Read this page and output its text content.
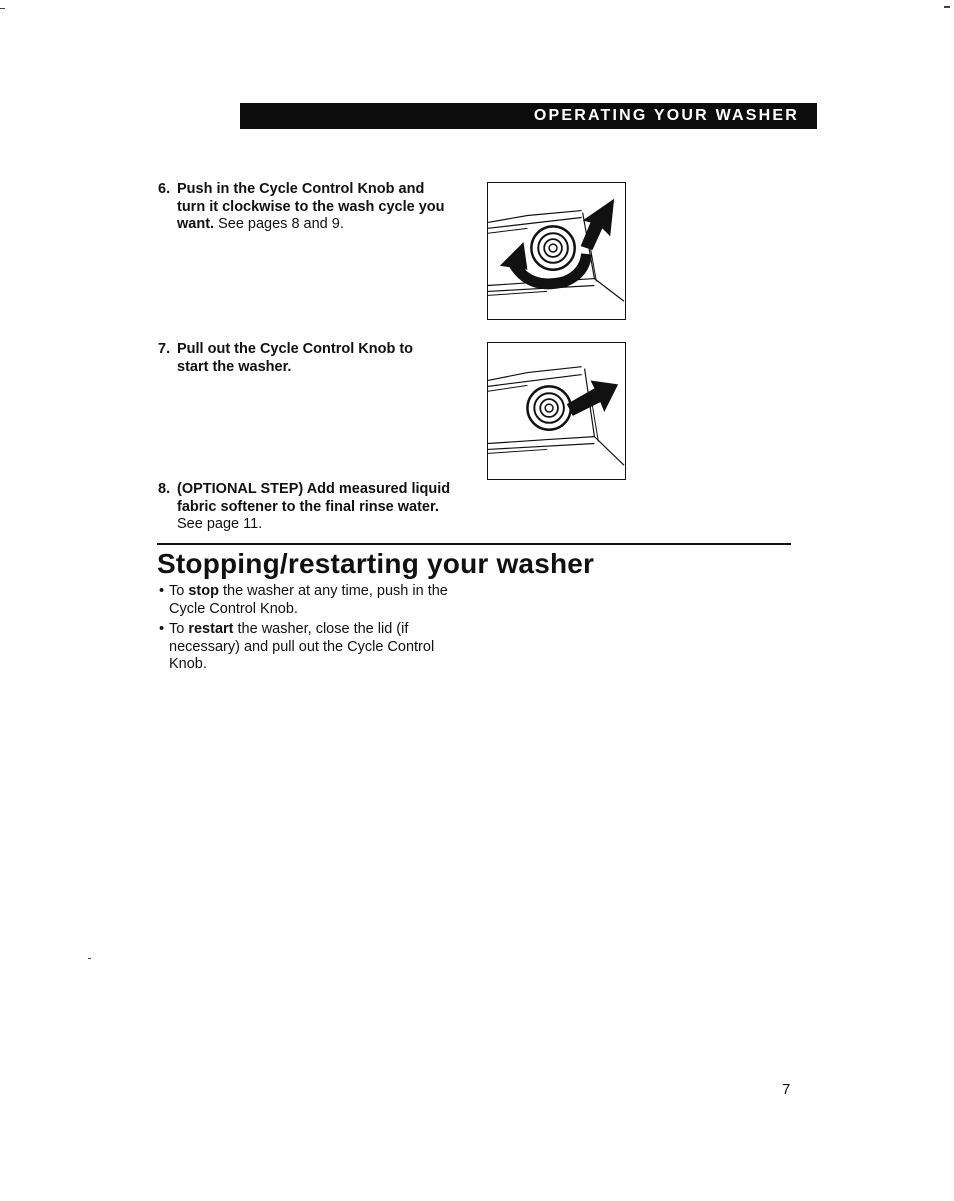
OPERATING YOUR WASHER
6. Push in the Cycle Control Knob and turn it clockwise to the wash cycle you want. See pages 8 and 9.
7. Pull out the Cycle Control Knob to start the washer.
8. (OPTIONAL STEP) Add measured liquid fabric softener to the final rinse water. See page 11.
Stopping/restarting your washer
• To stop the washer at any time, push in the Cycle Control Knob.
• To restart the washer, close the lid (if necessary) and pull out the Cycle Control Knob.
7
